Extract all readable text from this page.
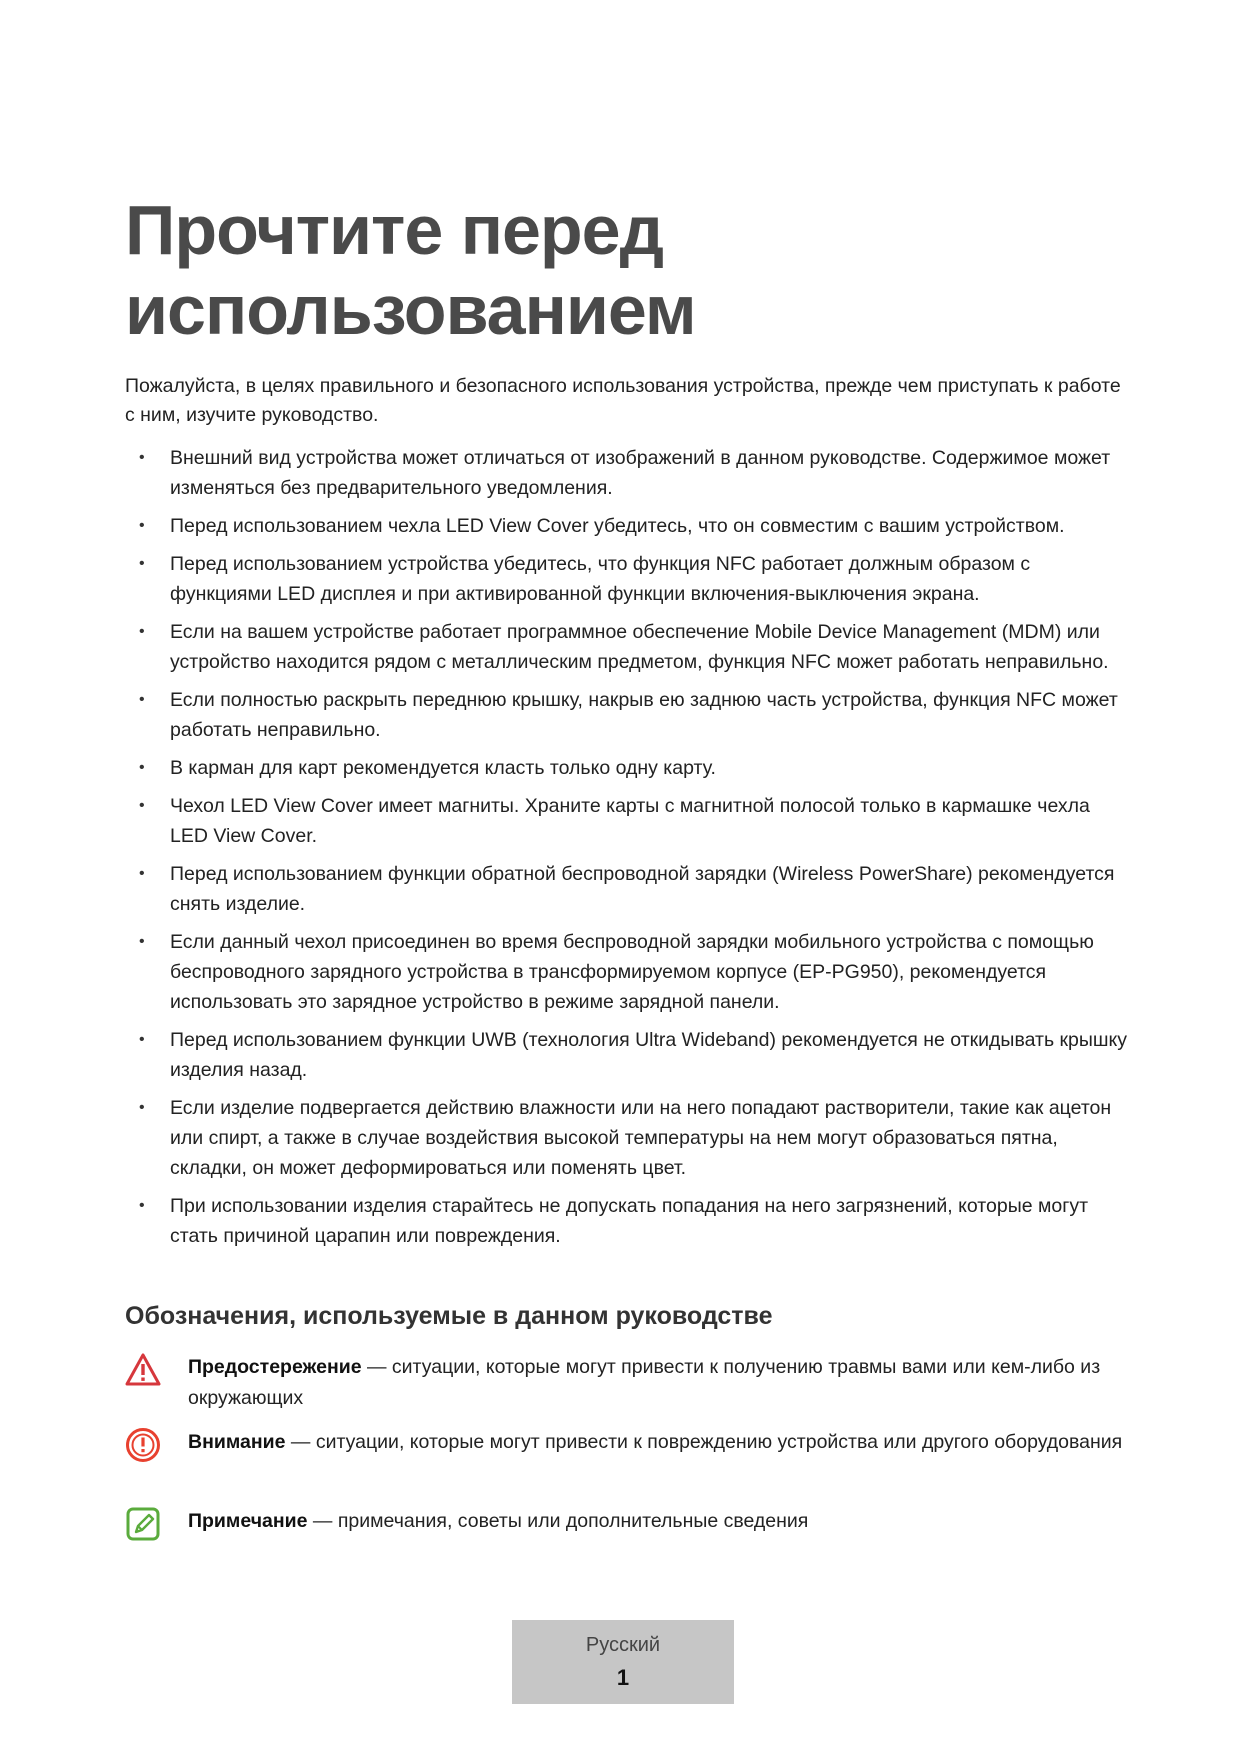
Прочтите перед
использованием

Пожалуйста, в целях правильного и безопасного использования устройства, прежде чем приступать к работе с ним, изучите руководство.

• Внешний вид устройства может отличаться от изображений в данном руководстве. Содержимое может изменяться без предварительного уведомления.
• Перед использованием чехла LED View Cover убедитесь, что он совместим с вашим устройством.
• Перед использованием устройства убедитесь, что функция NFC работает должным образом с функциями LED дисплея и при активированной функции включения-выключения экрана.
• Если на вашем устройстве работает программное обеспечение Mobile Device Management (MDM) или устройство находится рядом с металлическим предметом, функция NFC может работать неправильно.
• Если полностью раскрыть переднюю крышку, накрыв ею заднюю часть устройства, функция NFC может работать неправильно.
• В карман для карт рекомендуется класть только одну карту.
• Чехол LED View Cover имеет магниты. Храните карты с магнитной полосой только в кармашке чехла LED View Cover.
• Перед использованием функции обратной беспроводной зарядки (Wireless PowerShare) рекомендуется снять изделие.
• Если данный чехол присоединен во время беспроводной зарядки мобильного устройства с помощью беспроводного зарядного устройства в трансформируемом корпусе (EP-PG950), рекомендуется использовать это зарядное устройство в режиме зарядной панели.
• Перед использованием функции UWB (технология Ultra Wideband) рекомендуется не откидывать крышку изделия назад.
• Если изделие подвергается действию влажности или на него попадают растворители, такие как ацетон или спирт, а также в случае воздействия высокой температуры на нем могут образоваться пятна, складки, он может деформироваться или поменять цвет.
• При использовании изделия старайтесь не допускать попадания на него загрязнений, которые могут стать причиной царапин или повреждения.
Обозначения, используемые в данном руководстве
Предостережение — ситуации, которые могут привести к получению травмы вами или кем-либо из окружающих
Внимание — ситуации, которые могут привести к повреждению устройства или другого оборудования
Примечание — примечания, советы или дополнительные сведения
Русский
1
